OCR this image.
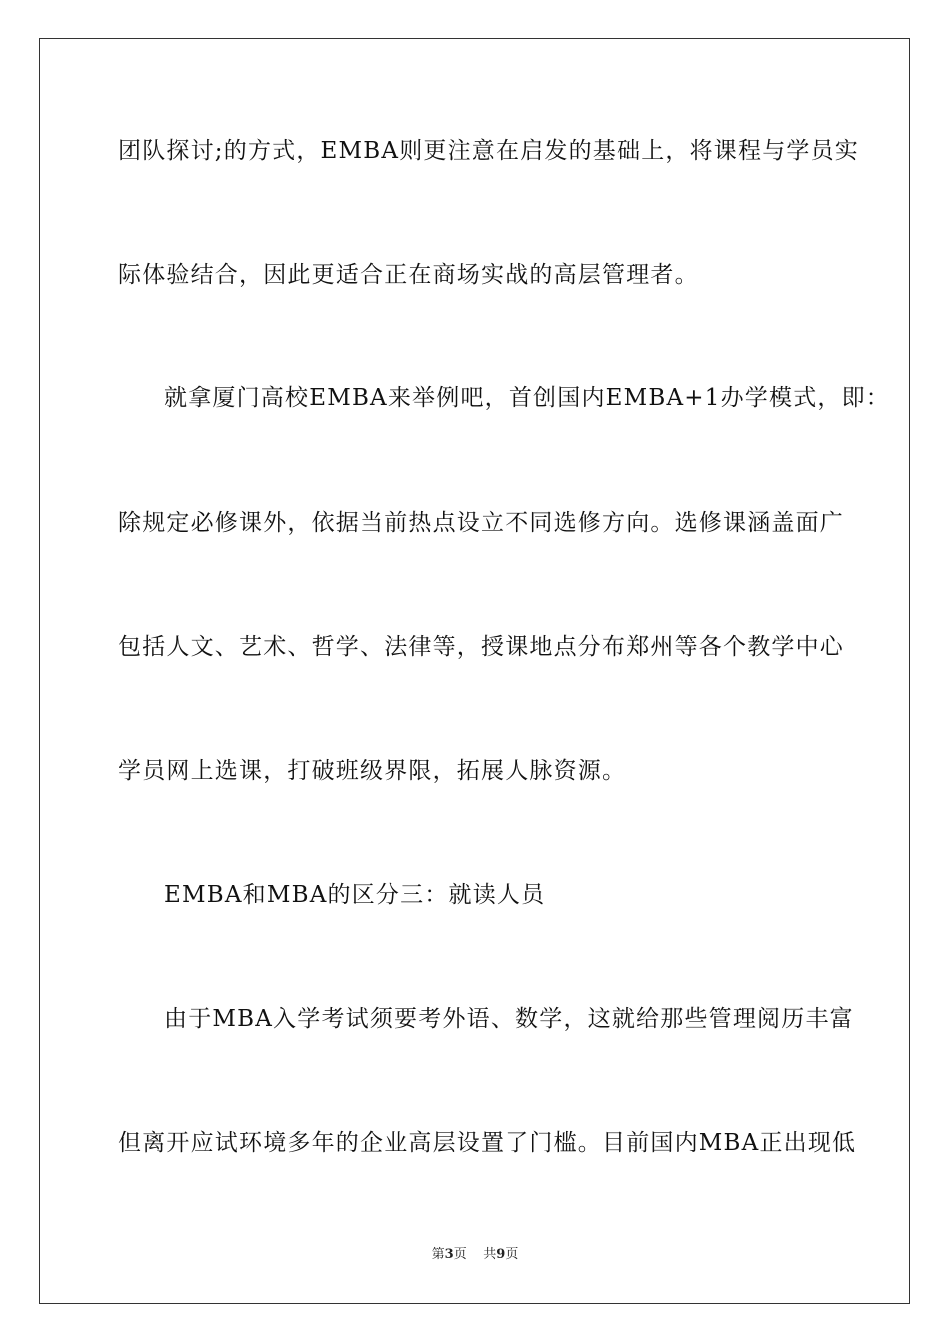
团队探讨;的方式，EMBA则更注意在启发的基础上，将课程与学员实
际体验结合，因此更适合正在商场实战的高层管理者。
就拿厦门高校EMBA来举例吧，首创国内EMBA+1办学模式，即：
除规定必修课外，依据当前热点设立不同选修方向。选修课涵盖面广
包括人文、艺术、哲学、法律等，授课地点分布郑州等各个教学中心
学员网上选课，打破班级界限，拓展人脉资源。
EMBA和MBA的区分三：就读人员
由于MBA入学考试须要考外语、数学，这就给那些管理阅历丰富
但离开应试环境多年的企业高层设置了门槛。目前国内MBA正出现低
第3页 共9页
